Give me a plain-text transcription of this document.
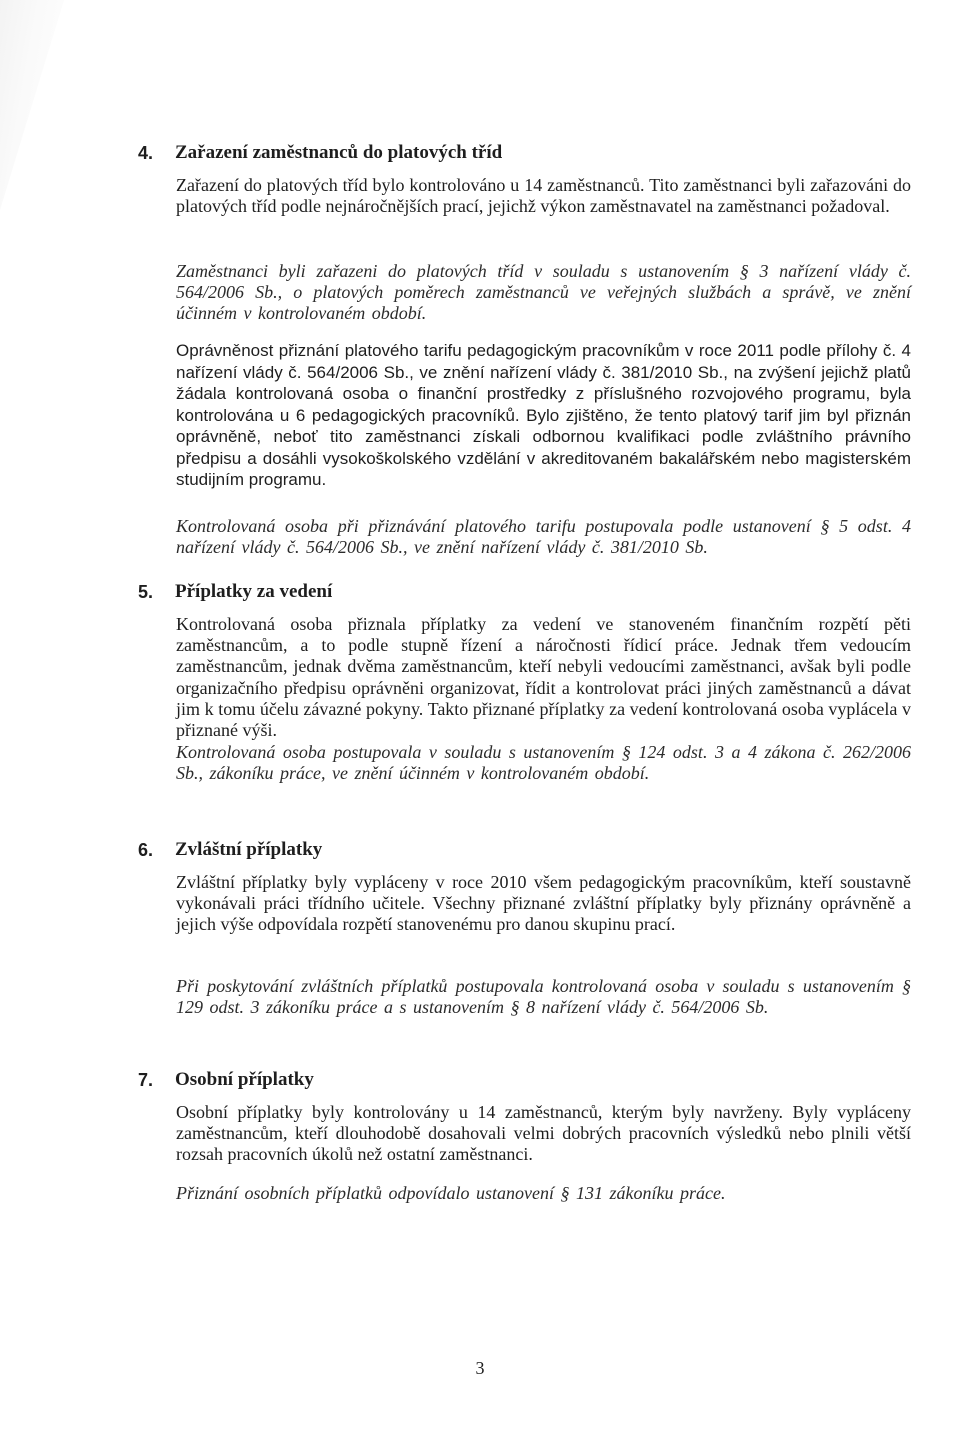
4. Zařazení zaměstnanců do platových tříd
Zařazení do platových tříd bylo kontrolováno u 14 zaměstnanců. Tito zaměstnanci byli zařazováni do platových tříd podle nejnáročnějších prací, jejichž výkon zaměstnavatel na zaměstnanci požadoval.
Zaměstnanci byli zařazeni do platových tříd v souladu s ustanovením § 3 nařízení vlády č. 564/2006 Sb., o platových poměrech zaměstnanců ve veřejných službách a správě, ve znění účinném v kontrolovaném období.
Oprávněnost přiznání platového tarifu pedagogickým pracovníkům v roce 2011 podle přílohy č. 4 nařízení vlády č. 564/2006 Sb., ve znění nařízení vlády č. 381/2010 Sb., na zvýšení jejichž platů žádala kontrolovaná osoba o finanční prostředky z příslušného rozvojového programu, byla kontrolována u 6 pedagogických pracovníků. Bylo zjištěno, že tento platový tarif jim byl přiznán oprávněně, neboť tito zaměstnanci získali odbornou kvalifikaci podle zvláštního právního předpisu a dosáhli vysokoškolského vzdělání v akreditovaném bakalářském nebo magisterském studijním programu.
Kontrolovaná osoba při přiznávání platového tarifu postupovala podle ustanovení § 5 odst. 4 nařízení vlády č. 564/2006 Sb., ve znění nařízení vlády č. 381/2010 Sb.
5. Příplatky za vedení
Kontrolovaná osoba přiznala příplatky za vedení ve stanoveném finančním rozpětí pěti zaměstnancům, a to podle stupně řízení a náročnosti řídicí práce. Jednak třem vedoucím zaměstnancům, jednak dvěma zaměstnancům, kteří nebyli vedoucími zaměstnanci, avšak byli podle organizačního předpisu oprávněni organizovat, řídit a kontrolovat práci jiných zaměstnanců a dávat jim k tomu účelu závazné pokyny. Takto přiznané příplatky za vedení kontrolovaná osoba vyplácela v přiznané výši.
Kontrolovaná osoba postupovala v souladu s ustanovením § 124 odst. 3 a 4 zákona č. 262/2006 Sb., zákoníku práce, ve znění účinném v kontrolovaném období.
6. Zvláštní příplatky
Zvláštní příplatky byly vypláceny v roce 2010 všem pedagogickým pracovníkům, kteří soustavně vykonávali práci třídního učitele. Všechny přiznané zvláštní příplatky byly přiznány oprávněně a jejich výše odpovídala rozpětí stanovenému pro danou skupinu prací.
Při poskytování zvláštních příplatků postupovala kontrolovaná osoba v souladu s ustanovením § 129 odst. 3 zákoníku práce a s ustanovením § 8 nařízení vlády č. 564/2006 Sb.
7. Osobní příplatky
Osobní příplatky byly kontrolovány u 14 zaměstnanců, kterým byly navrženy. Byly vypláceny zaměstnancům, kteří dlouhodobě dosahovali velmi dobrých pracovních výsledků nebo plnili větší rozsah pracovních úkolů než ostatní zaměstnanci.
Přiznání osobních příplatků odpovídalo ustanovení § 131 zákoníku práce.
3
